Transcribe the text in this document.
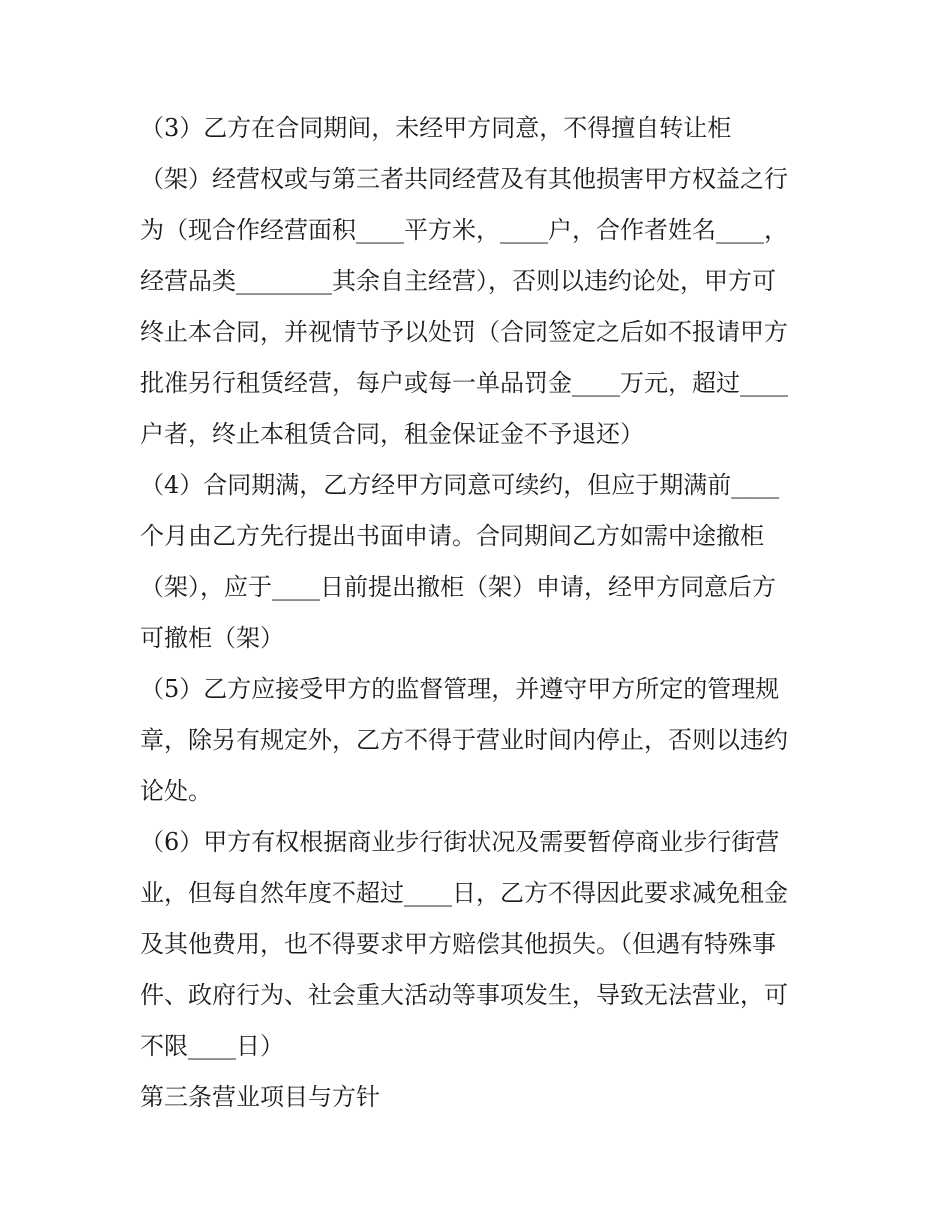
（3）乙方在合同期间，未经甲方同意，不得擅自转让柜
（架）经营权或与第三者共同经营及有其他损害甲方权益之行
为（现合作经营面积____平方米，____户，合作者姓名____，
经营品类________其余自主经营），否则以违约论处，甲方可
终止本合同，并视情节予以处罚（合同签定之后如不报请甲方
批准另行租赁经营，每户或每一单品罚金____万元，超过____
户者，终止本租赁合同，租金保证金不予退还）
（4）合同期满，乙方经甲方同意可续约，但应于期满前____
个月由乙方先行提出书面申请。合同期间乙方如需中途撤柜
（架），应于____日前提出撤柜（架）申请，经甲方同意后方
可撤柜（架）
（5）乙方应接受甲方的监督管理，并遵守甲方所定的管理规
章，除另有规定外，乙方不得于营业时间内停止，否则以违约
论处。
（6）甲方有权根据商业步行街状况及需要暂停商业步行街营
业，但每自然年度不超过____日，乙方不得因此要求减免租金
及其他费用，也不得要求甲方赔偿其他损失。（但遇有特殊事
件、政府行为、社会重大活动等事项发生，导致无法营业，可
不限____日）
第三条营业项目与方针
